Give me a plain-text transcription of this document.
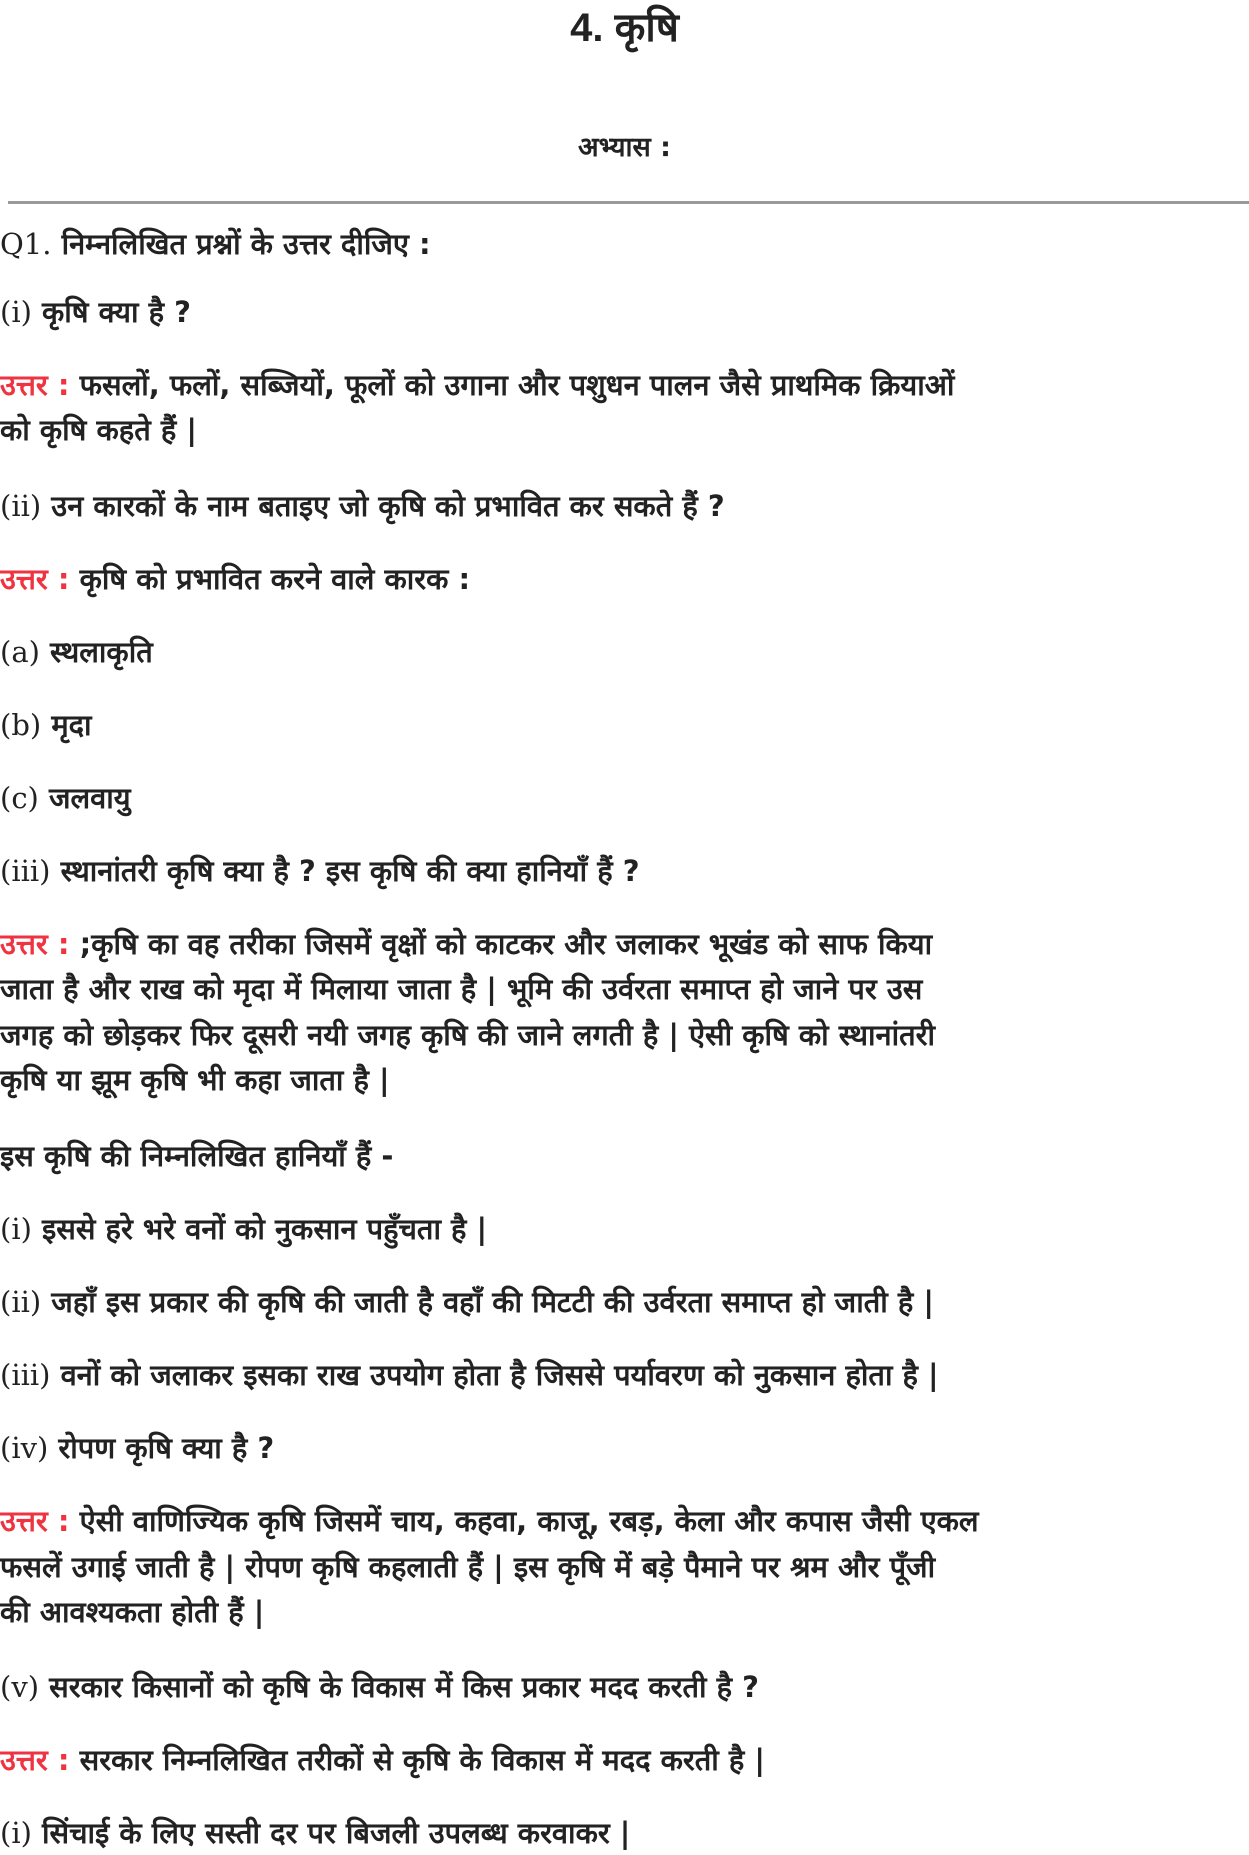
4. कृषि
अभ्यास :
Q1. निम्नलिखित प्रश्नों के उत्तर दीजिए :
(i) कृषि क्या है ?
उत्तर : फसलों, फलों, सब्जियों, फूलों को उगाना और पशुधन पालन जैसे प्राथमिक क्रियाओं
को कृषि कहते हैं |
(ii) उन कारकों के नाम बताइए जो कृषि को प्रभावित कर सकते हैं ?
उत्तर : कृषि को प्रभावित करने वाले कारक :
(a) स्थलाकृति
(b) मृदा
(c) जलवायु
(iii) स्थानांतरी कृषि क्या है ? इस कृषि की क्या हानियाँ हैं ?
उत्तर : ;कृषि का वह तरीका जिसमें वृक्षों को काटकर और जलाकर भूखंड को साफ किया
जाता है और राख को मृदा में मिलाया जाता है | भूमि की उर्वरता समाप्त हो जाने पर उस
जगह को छोड़कर फिर दूसरी नयी जगह कृषि की जाने लगती है | ऐसी कृषि को स्थानांतरी
कृषि या झूम कृषि भी कहा जाता है |
इस कृषि की निम्नलिखित हानियाँ हैं -
(i) इससे हरे भरे वनों को नुकसान पहुँचता है |
(ii) जहाँ इस प्रकार की कृषि की जाती है वहाँ की मिटटी की उर्वरता समाप्त हो जाती है |
(iii) वनों को जलाकर इसका राख उपयोग होता है जिससे पर्यावरण को नुकसान होता है |
(iv) रोपण कृषि क्या है ?
उत्तर : ऐसी वाणिज्यिक कृषि जिसमें चाय, कहवा, काजू, रबड़, केला और कपास जैसी एकल
फसलें उगाई जाती है | रोपण कृषि कहलाती हैं | इस कृषि में बड़े पैमाने पर श्रम और पूँजी
की आवश्यकता होती हैं |
(v) सरकार किसानों को कृषि के विकास में किस प्रकार मदद करती है ?
उत्तर : सरकार निम्नलिखित तरीकों से कृषि के विकास में मदद करती है |
(i) सिंचाई के लिए सस्ती दर पर बिजली उपलब्ध करवाकर |
